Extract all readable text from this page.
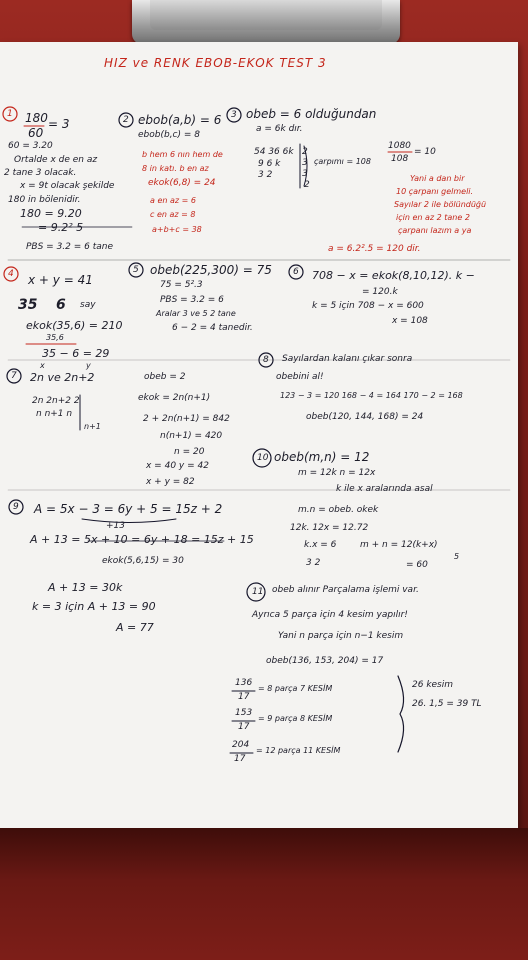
HIZ ve RENK EBOB-EKOK TEST 3
1 180
60
= 3
60 = 3.20
Ortalde x de en az
2 tane 3 olacak.
x = 9t olacak şekilde
180 in bölenidir.
180 = 9.20
= 9.2² 5
PBS = 3.2 = 6 tane
2 ebob(a,b) = 6
ebob(b,c) = 8
b hem 6 nın hem de
8 in katı. b en az
ekok(6,8) = 24
a en az = 6
c en az = 8
a+b+c = 38
3 obeb = 6 olduğundan
a = 6k dır.
54 36 6k
9 6 k
3 2
2
3
3
2
çarpımı = 108
1080
108
= 10
Yani a dan bir
10 çarpanı gelmeli.
Sayılar 2 ile bölündüğü
için en az 2 tane 2
çarpanı lazım a ya
a = 6.2².5 = 120 dir.
4 x + y = 41
35 6 say
ekok(35,6) = 210
35,6
35 − 6 = 29
5 obeb(225,300) = 75
75 = 5².3
PBS = 3.2 = 6
Aralar 3 ve 5 2 tane
6 − 2 = 4 tanedir.
6 708 − x = ekok(8,10,12). k −
= 120.k
k = 5 için 708 − x = 600
x = 108
7 2n ve 2n+2
x	y
obeb = 2
2n 2n+2 2
n n+1 n
n+1
ekok = 2n(n+1)
2 + 2n(n+1) = 842
n(n+1) = 420
n = 20
x = 40 y = 42
x + y = 82
8 Sayılardan kalanı çıkar sonra
obebini al!
123 − 3 = 120 168 − 4 = 164 170 − 2 = 168
obeb(120, 144, 168) = 24
10 obeb(m,n) = 12
m = 12k n = 12x
k ile x aralarında asal
m.n = obeb. okek
12k. 12x = 12.72
k.x = 6	m + n = 12(k+x)
3 2
5
= 60
9 A = 5x − 3 = 6y + 5 = 15z + 2
+13
A + 13 = 5x + 10 = 6y + 18 = 15z + 15
ekok(5,6,15) = 30
A + 13 = 30k
k = 3 için A + 13 = 90
A = 77
11 obeb alınır Parçalama işlemi var.
Ayrıca 5 parça için 4 kesim yapılır!
Yani n parça için n−1 kesim
obeb(136, 153, 204) = 17
136
17
= 8 parça 7 KESİM
153
17
= 9 parça 8 KESİM
204
17
= 12 parça 11 KESİM
26 kesim
26. 1,5 = 39 TL
